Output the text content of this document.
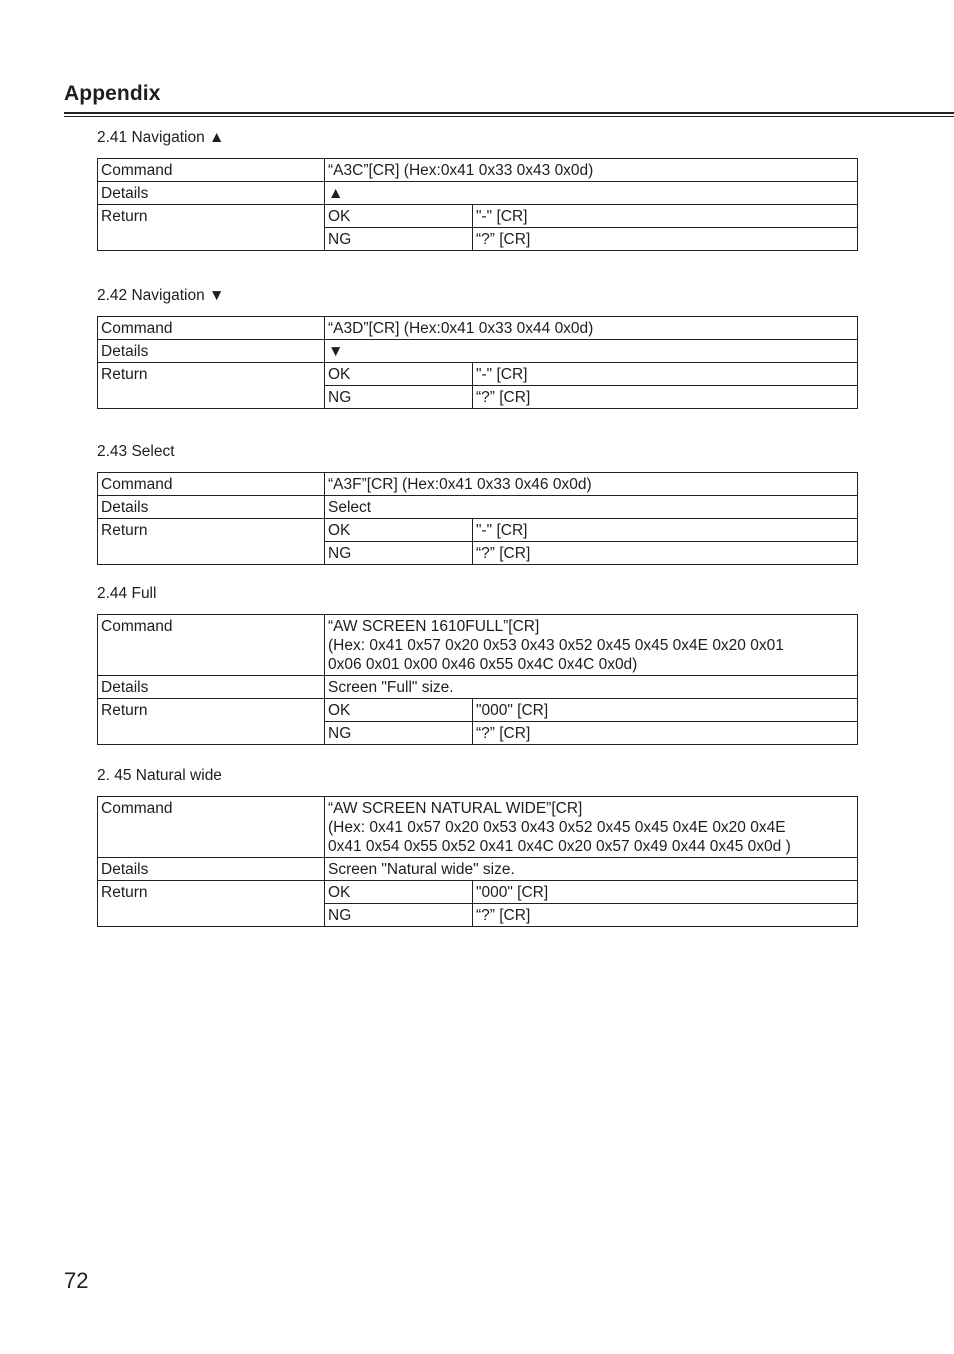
Appendix
2.41 Navigation ▲
Command	“A3C”[CR] (Hex:0x41 0x33 0x43 0x0d)	

Details	▲	
Return	OK	"-" [CR]
	NG	“?” [CR]
2.42 Navigation ▼
Command	“A3D”[CR] (Hex:0x41 0x33 0x44 0x0d)	

Details	▼	
Return	OK	"-" [CR]
	NG	“?” [CR]
2.43 Select
Command	“A3F”[CR] (Hex:0x41 0x33 0x46 0x0d)	

Details	Select	
Return	OK	"-" [CR]
	NG	“?” [CR]
2.44 Full
Command	“AW SCREEN 1610FULL”[CR]
(Hex: 0x41 0x57 0x20 0x53 0x43 0x52 0x45 0x45 0x4E 0x20 0x01
0x06 0x01 0x00 0x46 0x55 0x4C 0x4C 0x0d)	

Details	Screen "Full" size.	
Return	OK	"000" [CR]
	NG	“?” [CR]
2. 45 Natural wide
Command	“AW SCREEN NATURAL WIDE”[CR]
(Hex: 0x41 0x57 0x20 0x53 0x43 0x52 0x45 0x45 0x4E 0x20 0x4E
0x41 0x54 0x55 0x52 0x41 0x4C 0x20 0x57 0x49 0x44 0x45 0x0d )	

Details	Screen "Natural wide" size.	
Return	OK	"000" [CR]
	NG	“?” [CR]
72
